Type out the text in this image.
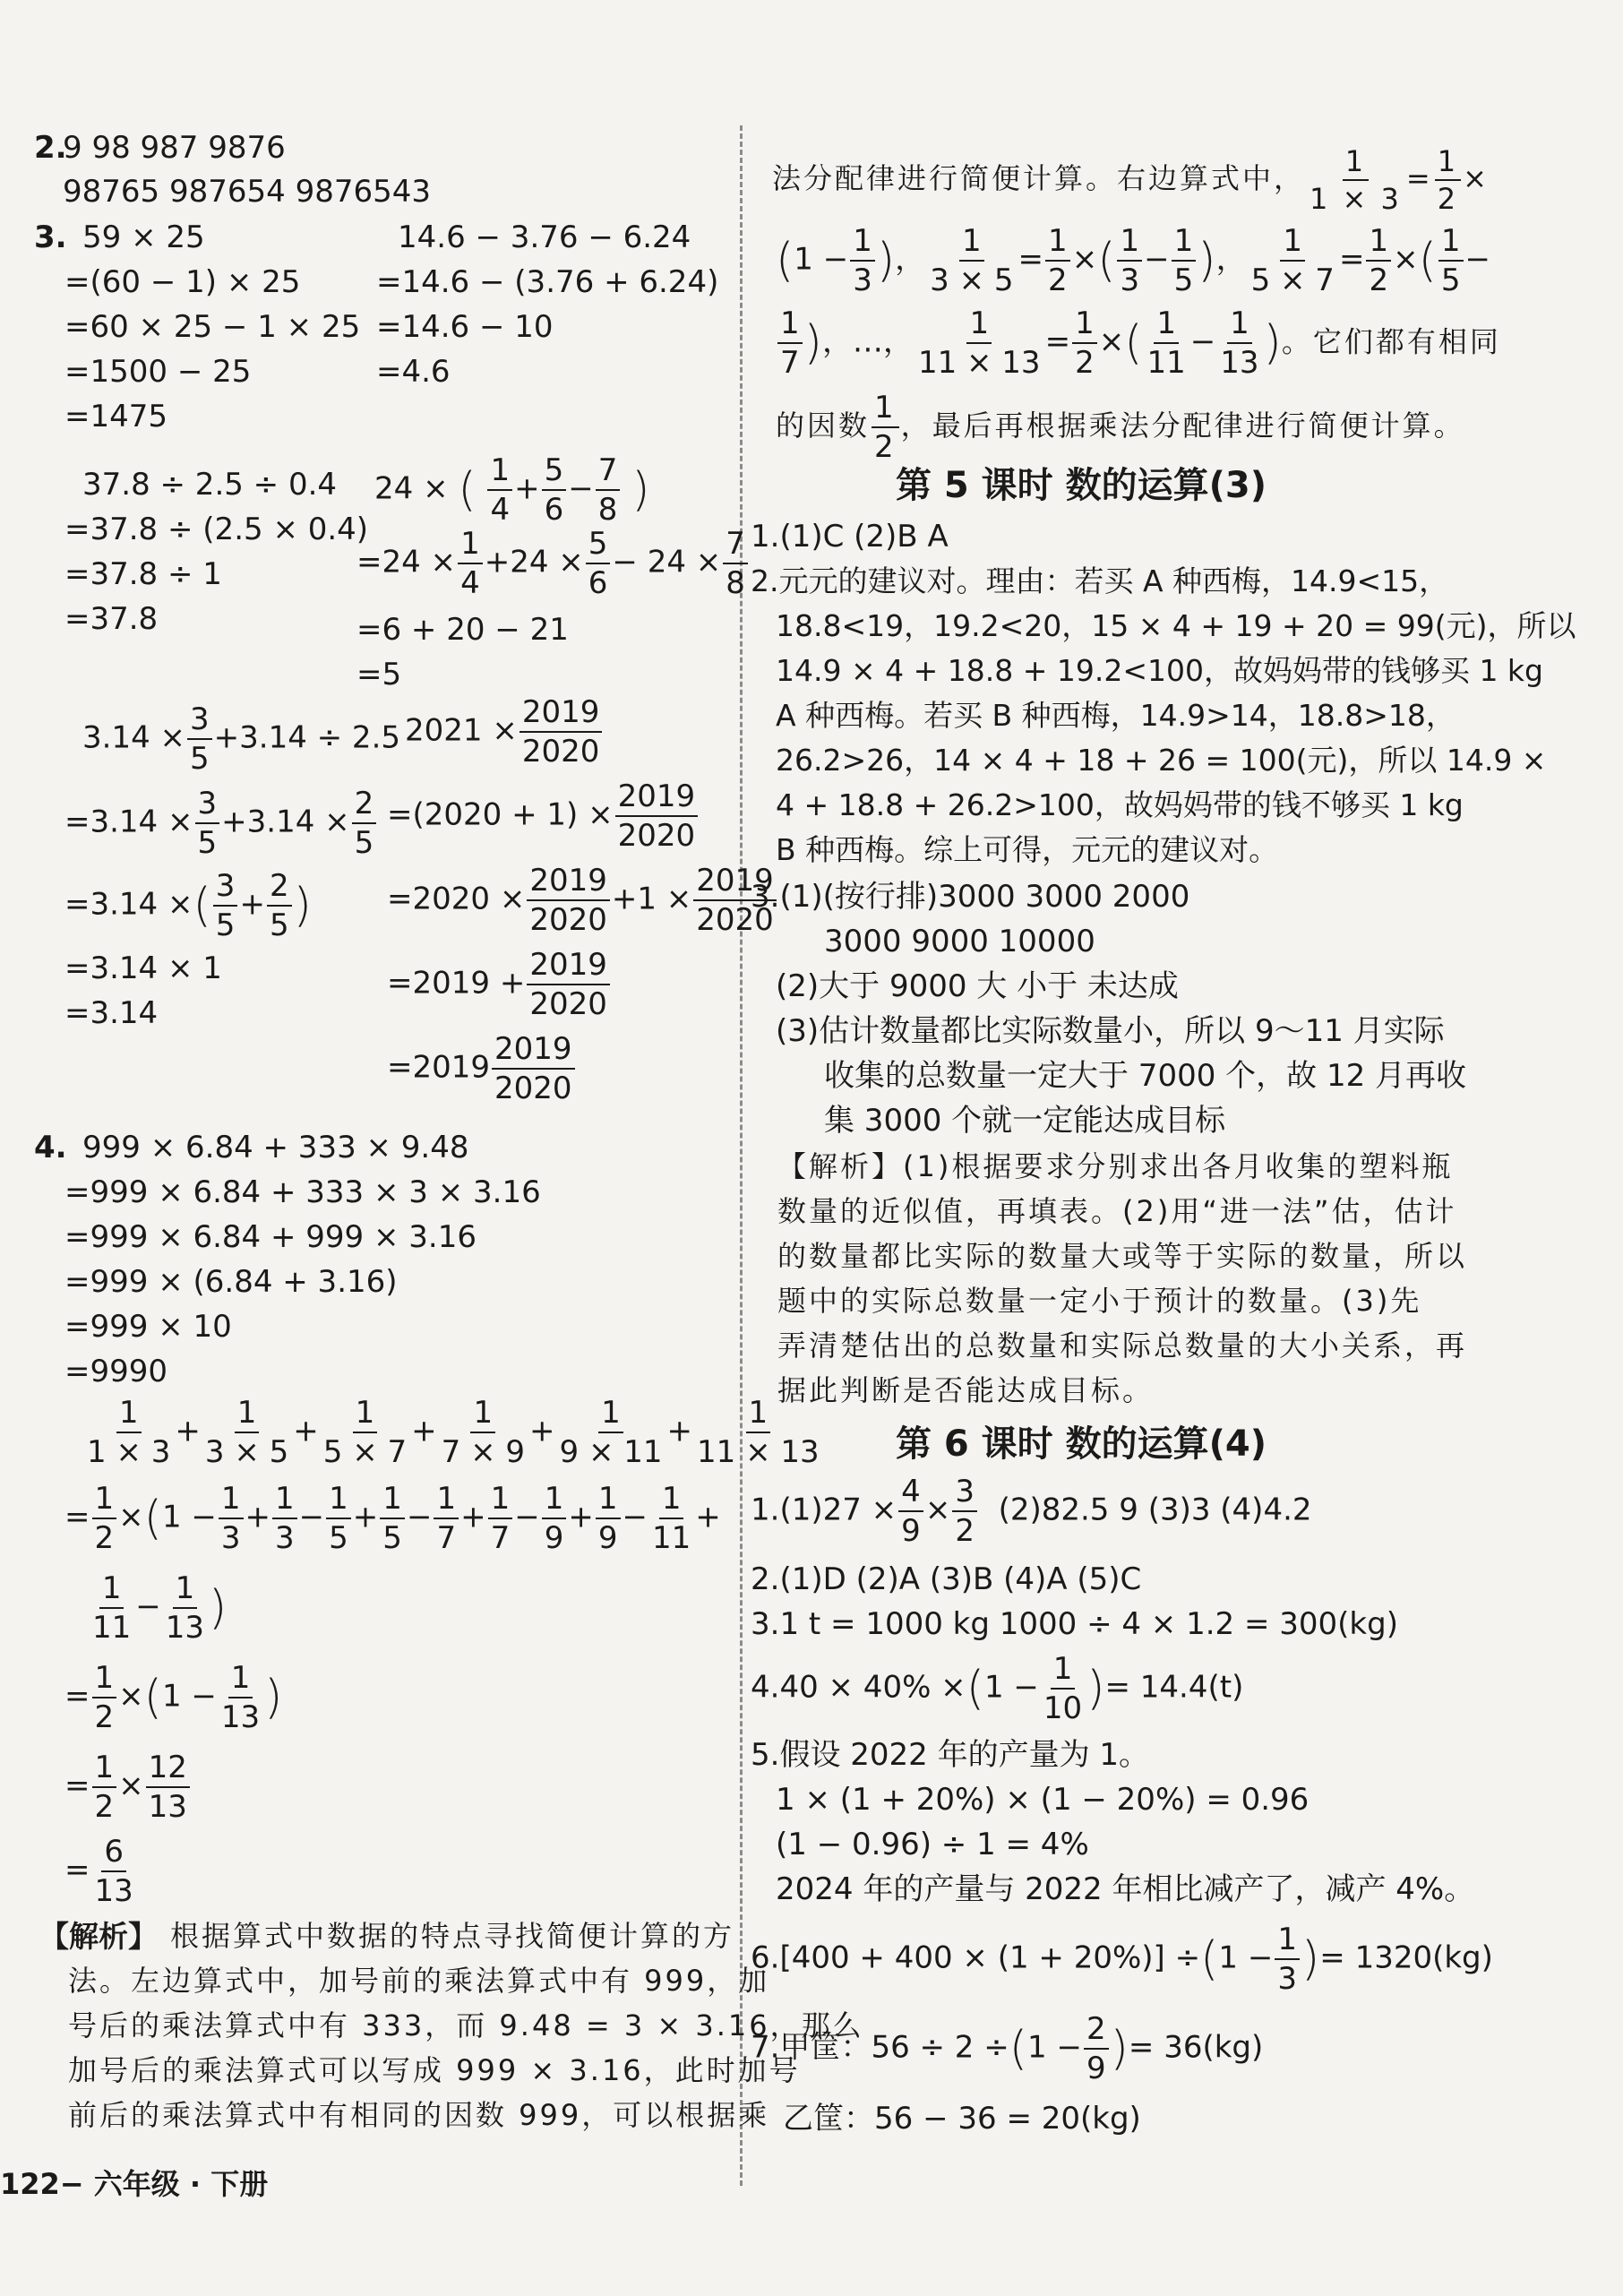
2.
9 98 987 9876
98765 987654 9876543
3. 59 × 25
=(60 − 1) × 25
=60 × 25 − 1 × 25
=1500 − 25
=1475
14.6 − 3.76 − 6.24
=14.6 − (3.76 + 6.24)
=14.6 − 10
=4.6
37.8 ÷ 2.5 ÷ 0.4
=37.8 ÷ (2.5 × 0.4)
=37.8 ÷ 1
=37.8
24 × ( $\frac{1}{4} + \frac{5}{6} - \frac{7}{8}$ )
$=24 \times \frac{1}{4} +24 \times \frac{5}{6} - 24 \times \frac{7}{8}$
=6 + 20 − 21
=5
$3.14 \times \frac{3}{5} +3.14 \div 2.5$
$=3.14 \times \frac{3}{5} +3.14 \times \frac{2}{5}$
=3.14 ×( $\frac{3}{5} + \frac{2}{5}$ )
=3.14 × 1
=3.14
$2021 \times \frac{2019}{2020}$
$=(2020 + 1) \times \frac{2019}{2020}$
$=2020 \times \frac{2019}{2020} +1 \times \frac{2019}{2020}$
$=2019 + \frac{2019}{2020}$
$=2019 \frac{2019}{2020}$
4. 999 × 6.84 + 333 × 9.48
=999 × 6.84 + 333 × 3 × 3.16
=999 × 6.84 + 999 × 3.16
=999 × (6.84 + 3.16)
=999 × 10
=9990
$\frac{1}{1 \times 3} + \frac{1}{3 \times 5} + \frac{1}{5 \times 7} + \frac{1}{7 \times 9} + \frac{1}{9 \times 11} + \frac{1}{11 \times 13}$
= $\frac{1}{2} \times(1 - \frac{1}{3} + \frac{1}{3} - \frac{1}{5} + \frac{1}{5} - \frac{1}{7} + \frac{1}{7} - \frac{1}{9} + \frac{1}{9} - \frac{1}{11}$ +
$\frac{1}{11} - \frac{1}{13}$ )
= $\frac{1}{2} \times(1 - \frac{1}{13}$ )
= $\frac{1}{2} \times \frac{12}{13}$
= $\frac{6}{13}$
【解析】 根据算式中数据的特点寻找简便计算的方
法。左边算式中，加号前的乘法算式中有 999，加
号后的乘法算式中有 333，而 9.48 = 3 × 3.16，那么
加号后的乘法算式可以写成 999 × 3.16，此时加号
前后的乘法算式中有相同的因数 999，可以根据乘
122− 六年级 · 下册
法分配律进行简便计算。右边算式中， $\frac{1}{1 \times 3} = \frac{1}{2}$ ×
($1 - \frac{1}{3}$ )， $\frac{1}{3 \times 5} = \frac{1}{2}$ ×( $\frac{1}{3} - \frac{1}{5}$ )， $\frac{1}{5 \times 7} = \frac{1}{2}$ ×( $\frac{1}{5}$ −
$\frac{1}{7}$ )，…， $\frac{1}{11 \times 13} = \frac{1}{2}$ ×( $\frac{1}{11} - \frac{1}{13}$ )。它们都有相同
的因数 $\frac{1}{2}$ ，最后再根据乘法分配律进行简便计算。
第 5 课时 数的运算(3)
1.(1)C (2)B A
2.元元的建议对。理由：若买 A 种西梅，14.9<15，
18.8<19，19.2<20，15 × 4 + 19 + 20 = 99(元)，所以
14.9 × 4 + 18.8 + 19.2<100，故妈妈带的钱够买 1 kg
A 种西梅。若买 B 种西梅，14.9>14，18.8>18，
26.2>26，14 × 4 + 18 + 26 = 100(元)，所以 14.9 ×
4 + 18.8 + 26.2>100，故妈妈带的钱不够买 1 kg
B 种西梅。综上可得，元元的建议对。
3.(1)(按行排)3000 3000 2000
3000 9000 10000
(2)大于 9000 大 小于 未达成
(3)估计数量都比实际数量小，所以 9～11 月实际
收集的总数量一定大于 7000 个，故 12 月再收
集 3000 个就一定能达成目标
【解析】(1)根据要求分别求出各月收集的塑料瓶
数量的近似值，再填表。(2)用“进一法”估，估计
的数量都比实际的数量大或等于实际的数量，所以
题中的实际总数量一定小于预计的数量。(3)先
弄清楚估出的总数量和实际总数量的大小关系，再
据此判断是否能达成目标。
第 6 课时 数的运算(4)
$1.(1)27 \times \frac{4}{9} \times \frac{3}{2} (2)82.5$ 9 (3)3 (4)4.2
2.(1)D (2)A (3)B (4)A (5)C
3.1 t = 1000 kg 1000 ÷ 4 × 1.2 = 300(kg)
$4.40 \times 40\% \times(1 - \frac{1}{10}$ )= 14.4(t)
5.假设 2022 年的产量为 1。
1 × (1 + 20%) × (1 − 20%) = 0.96
(1 − 0.96) ÷ 1 = 4%
2024 年的产量与 2022 年相比减产了，减产 4%。
$6.[400 + 400 \times (1 + 20\%)] \div(1 - \frac{1}{3}$ )= 1320(kg)
7.甲筐：$56 \div 2 \div(1 - \frac{2}{9}$ )= 36(kg)
乙筐：56 − 36 = 20(kg)
